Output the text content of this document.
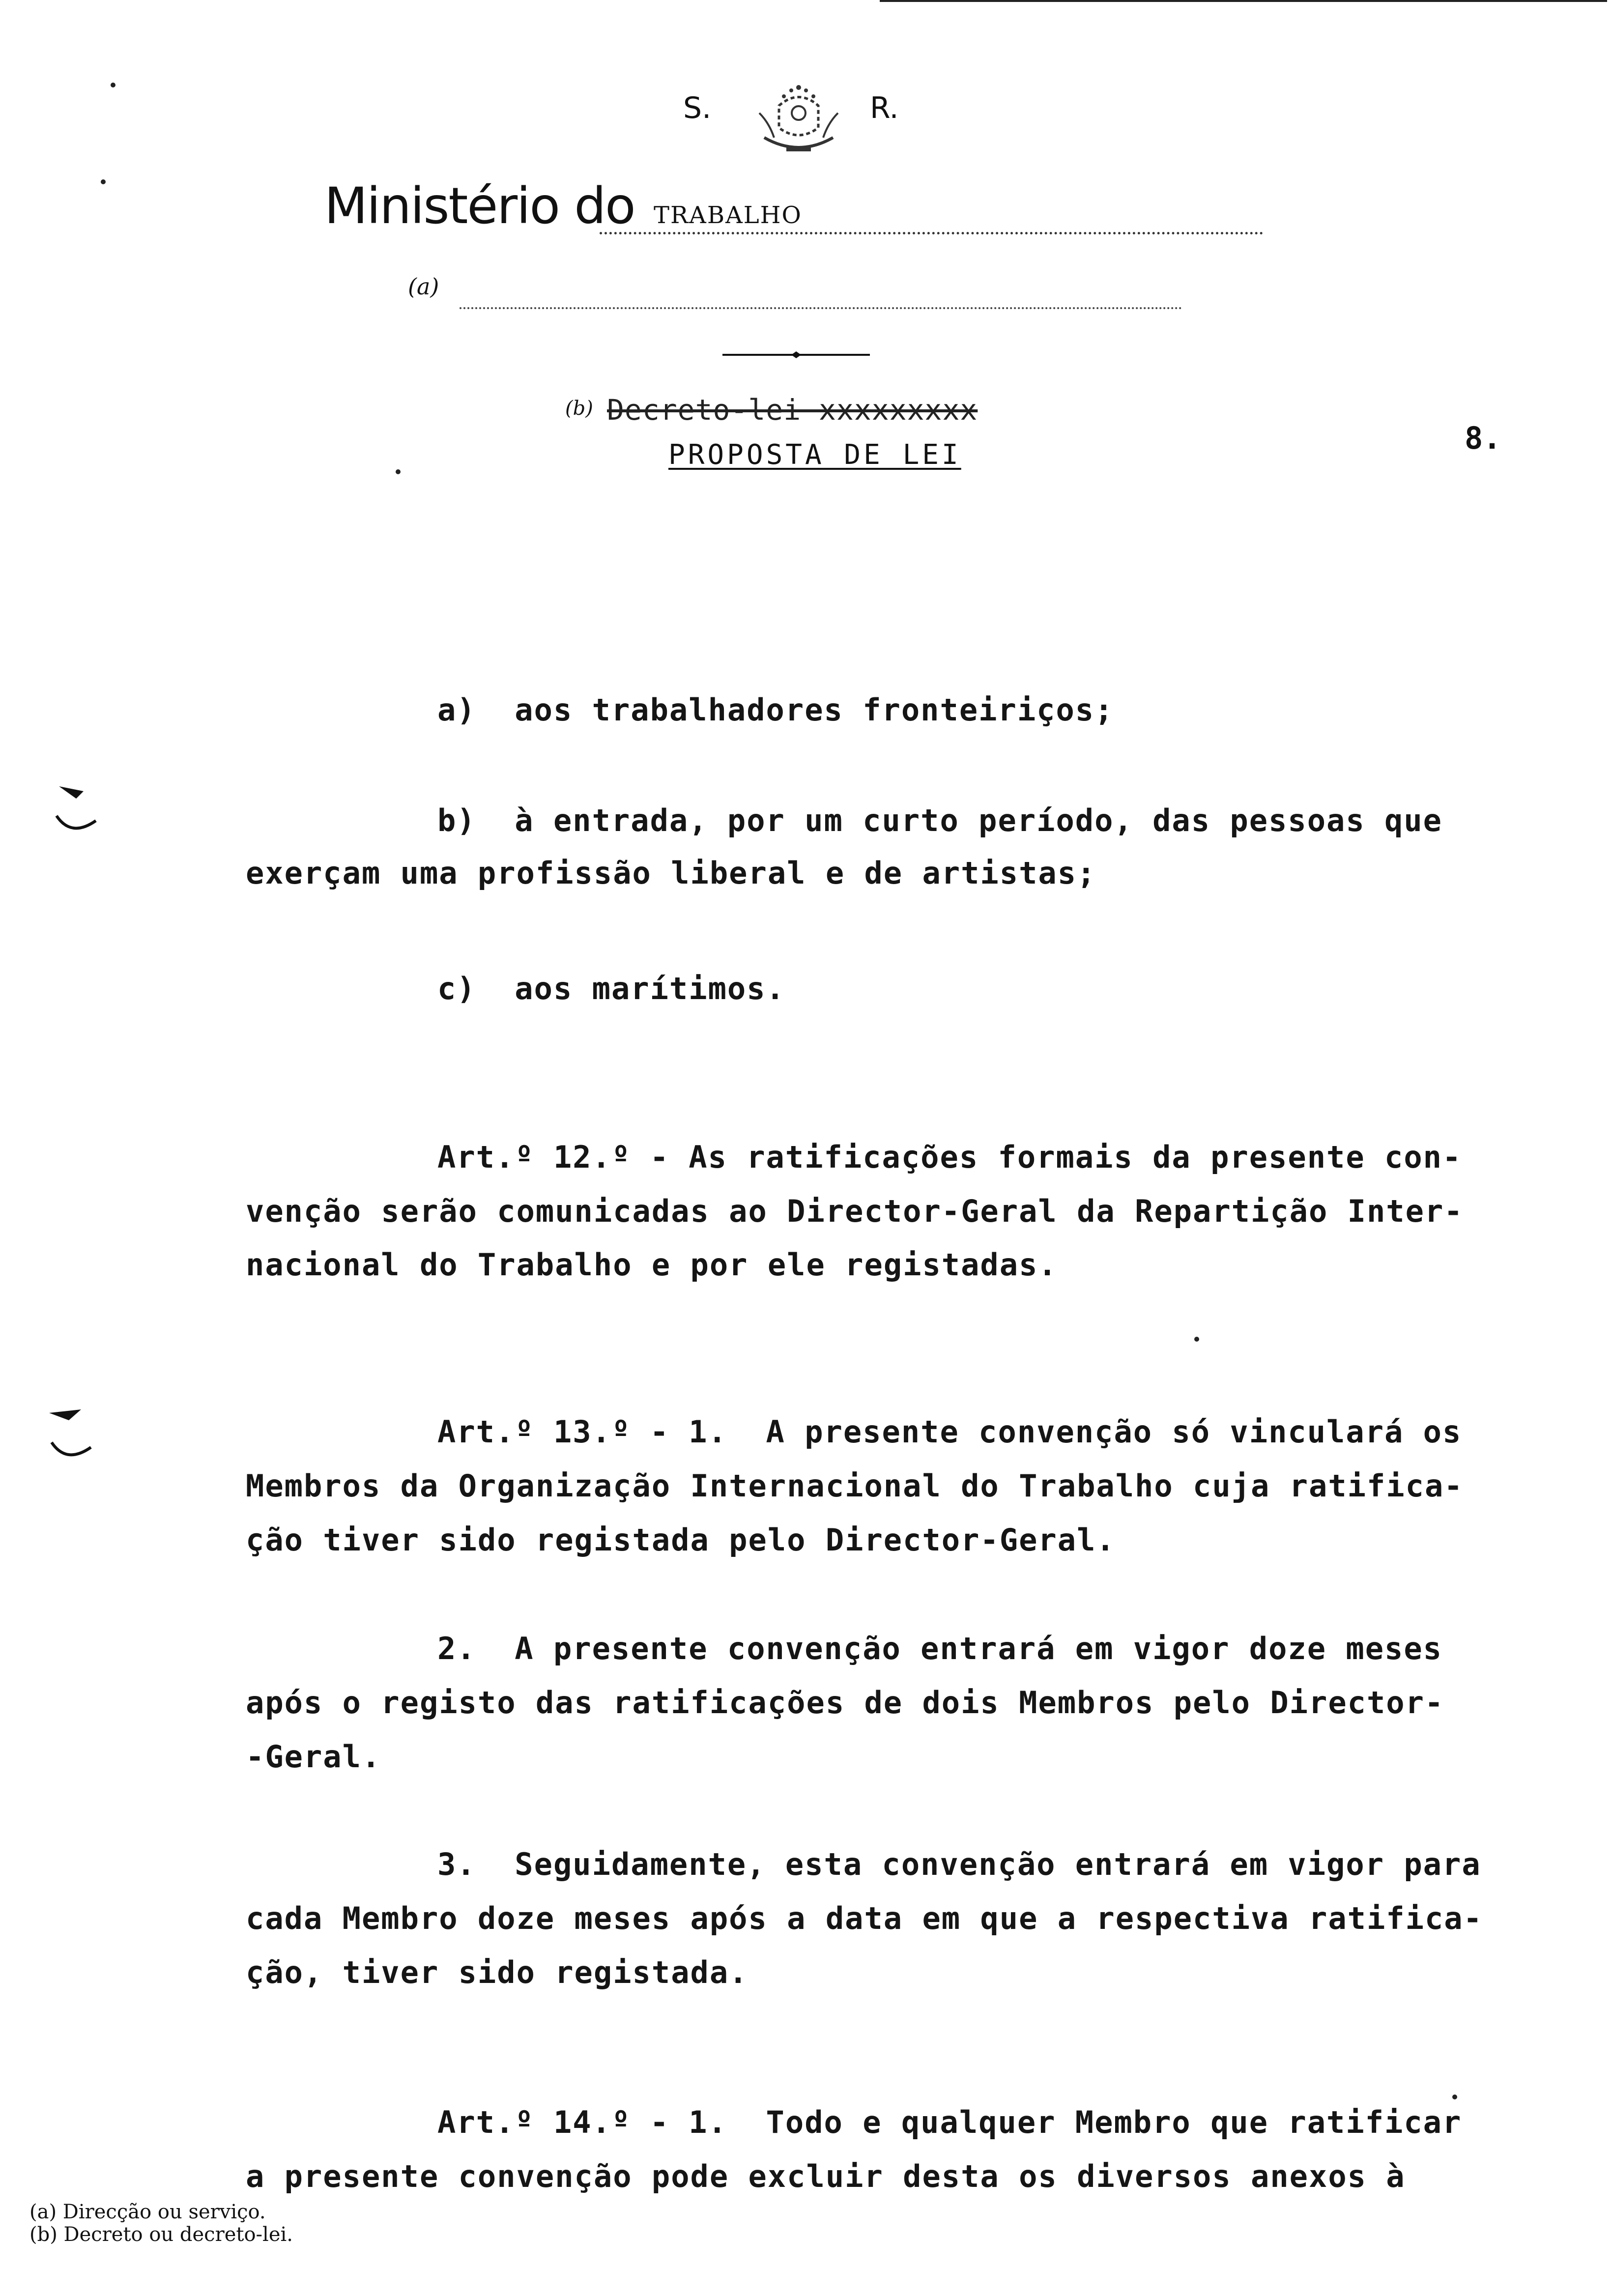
S.	R.
Ministério do TRABALHO
(a)
(b) Decreto-lei xxxxxxxxx
PROPOSTA DE LEI	8.
a)  aos trabalhadores fronteiriços;
b)  à entrada, por um curto período, das pessoas que
exerçam uma profissão liberal e de artistas;
c)  aos marítimos.
Art.º 12.º - As ratificações formais da presente con-
venção serão comunicadas ao Director-Geral da Repartição Inter-
nacional do Trabalho e por ele registadas.
Art.º 13.º - 1.  A presente convenção só vinculará os
Membros da Organização Internacional do Trabalho cuja ratifica-
ção tiver sido registada pelo Director-Geral.
2.  A presente convenção entrará em vigor doze meses
após o registo das ratificações de dois Membros pelo Director-
-Geral.
3.  Seguidamente, esta convenção entrará em vigor para
cada Membro doze meses após a data em que a respectiva ratifica-
ção, tiver sido registada.
Art.º 14.º - 1.  Todo e qualquer Membro que ratificar
a presente convenção pode excluir desta os diversos anexos à
(a) Direcção ou serviço.
(b) Decreto ou decreto-lei.
